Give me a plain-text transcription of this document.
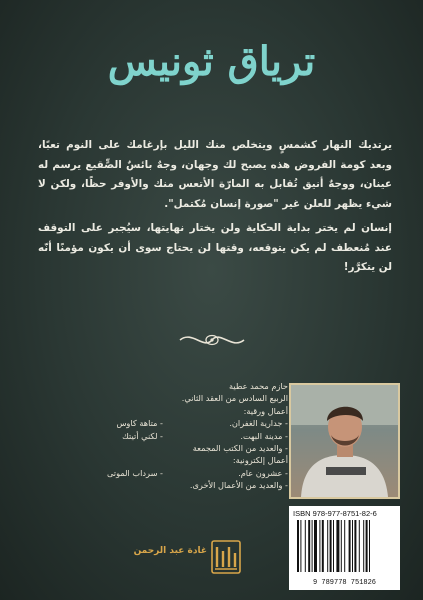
ترياق ثونيس

يرتديك النهار كشمسٍ ويتخلص منك الليل بإرغامك على النوم تعبًا، وبعد كومة الفروض هذه يصبح لك وجهان، وجهٌ بائسٌ الصٍّقيع يرسم له عينان، ووجهٌ أنيق تُقابل به المارّة الأتعس منك والأوفر حظًا، ولكن لا شيء يظهر للعلن غير "صورة إنسان مُكتمل".

إنسان لم يختر بداية الحكاية ولن يختار نهايتها، سيُجبر على التوقف عند مُنعطف لم يكن يتوقعه، وقتها لن يحتاج سوى أن يكون مؤمنًا أنّه لن يتكرَّر!

حازم محمد عطية
الربيع السادس من العقد الثاني.
أعمال ورقية:
- جدارية الغفران.
- متاهة كاوس
- مدينة البهت.
- لكني أتيتك
- والعديد من الكتب المجمعة
أعمال إلكترونية:
- عشرون عام.
- سرداب الموتى
- والعديد من الأعمال الأخرى.
ISBN 978-977-8751-82-6
9 789778 751826
غادة عبد الرحمن
